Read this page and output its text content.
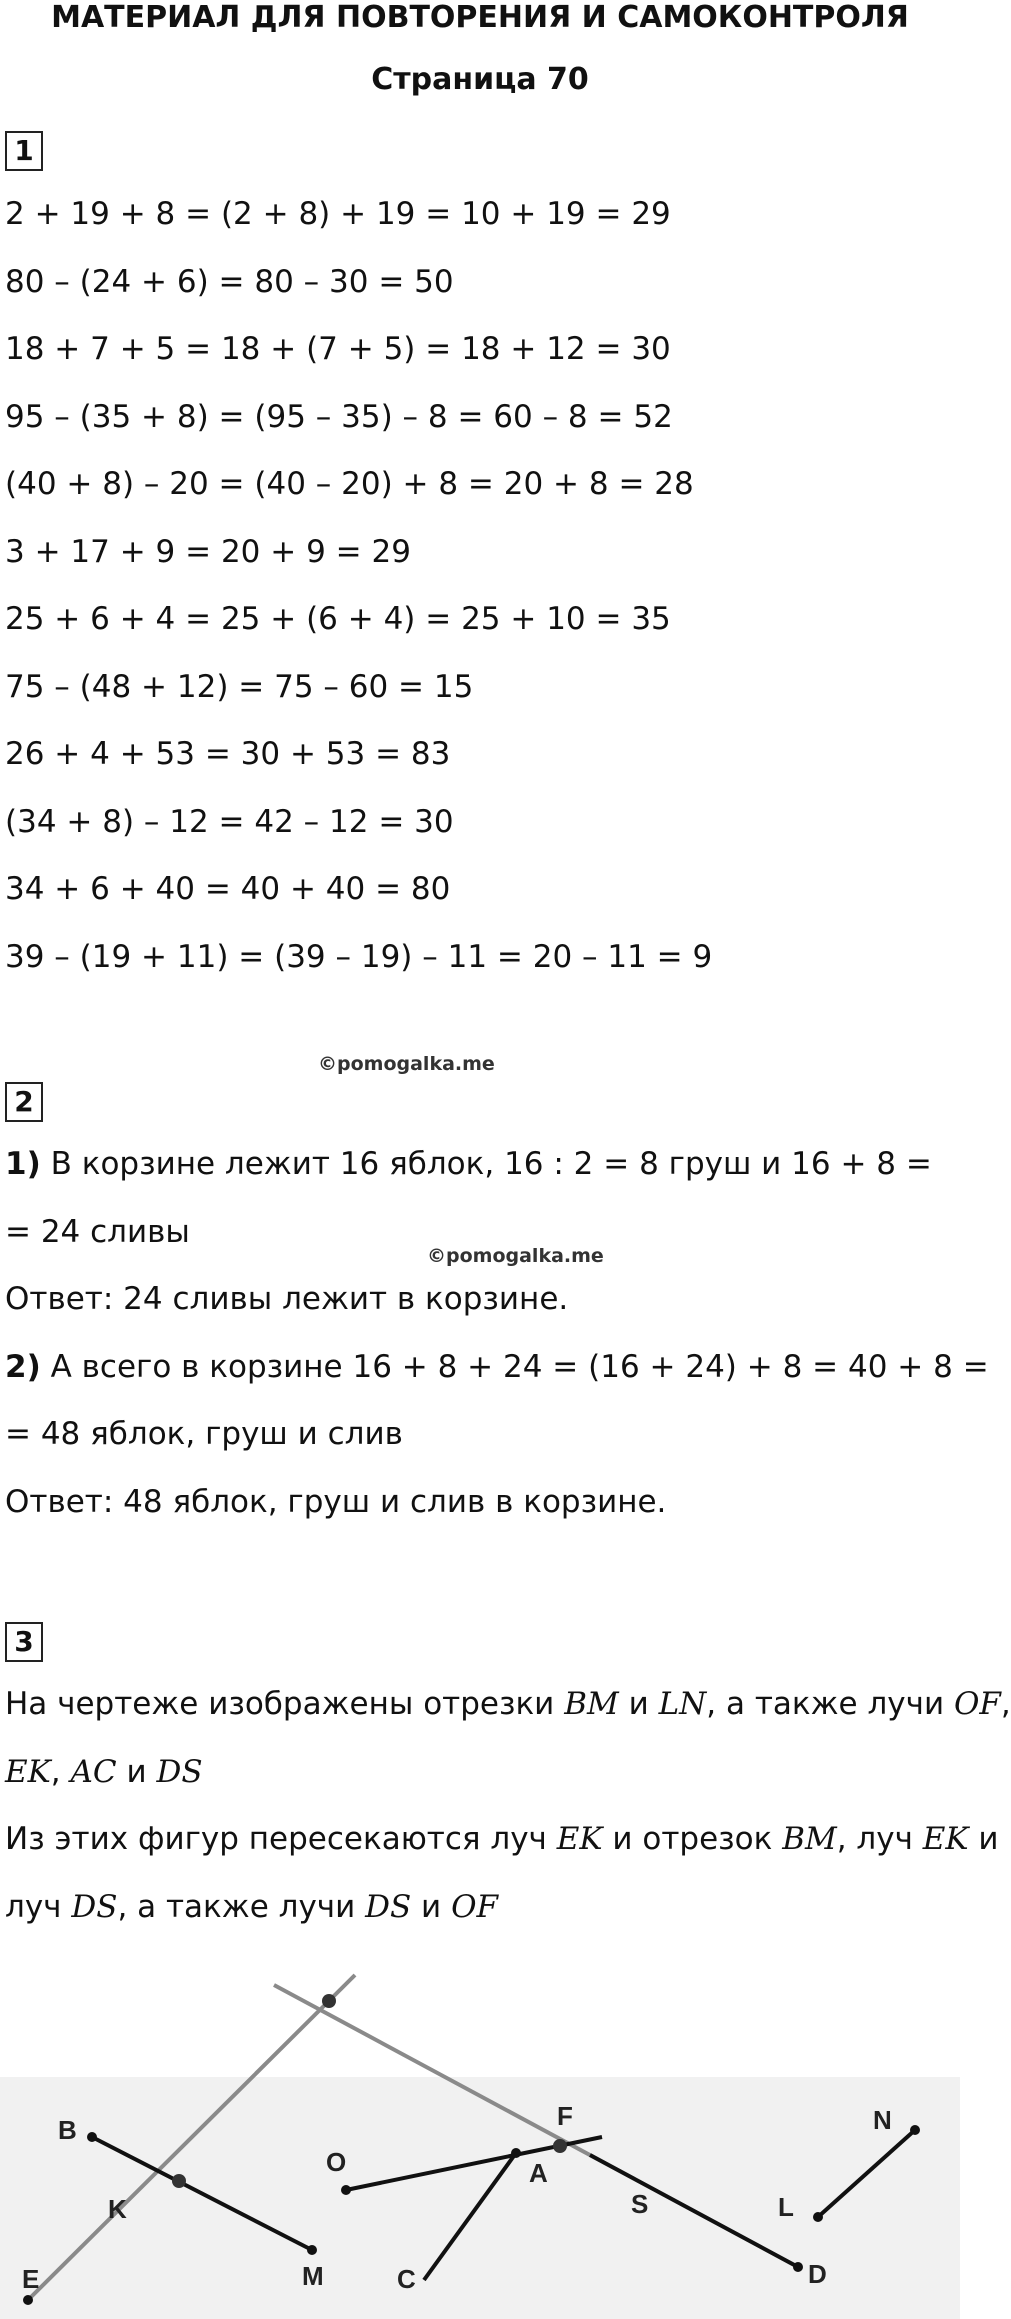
МАТЕРИАЛ ДЛЯ ПОВТОРЕНИЯ И САМОКОНТРОЛЯ
Страница 70
1
2 + 19 + 8 = (2 + 8) + 19 = 10 + 19 = 29
80 – (24 + 6) = 80 – 30 = 50
18 + 7 + 5 = 18 + (7 + 5) = 18 + 12 = 30
95 – (35 + 8) = (95 – 35) – 8 = 60 – 8 = 52
(40 + 8) – 20 = (40 – 20) + 8 = 20 + 8 = 28
3 + 17 + 9 = 20 + 9 = 29
25 + 6 + 4 = 25 + (6 + 4) = 25 + 10 = 35
75 – (48 + 12) = 75 – 60 = 15
26 + 4 + 53 = 30 + 53 = 83
(34 + 8) – 12 = 42 – 12 = 30
34 + 6 + 40 = 40 + 40 = 80
39 – (19 + 11) = (39 – 19) – 11 = 20 – 11 = 9
©pomogalka.me
2
1) В корзине лежит 16 яблок, 16 : 2 = 8 груш и 16 + 8 =
= 24 сливы
©pomogalka.me
Ответ: 24 сливы лежит в корзине.
2) А всего в корзине 16 + 8 + 24 = (16 + 24) + 8 = 40 + 8 =
= 48 яблок, груш и слив
Ответ: 48 яблок, груш и слив в корзине.
3
На чертеже изображены отрезки BM и LN, а также лучи OF,
EK, AC и DS
Из этих фигур пересекаются луч EK и отрезок BM, луч EK и
луч DS, а также лучи DS и OF
B
K
E	M
O
F
A
C
S
D
N
L
